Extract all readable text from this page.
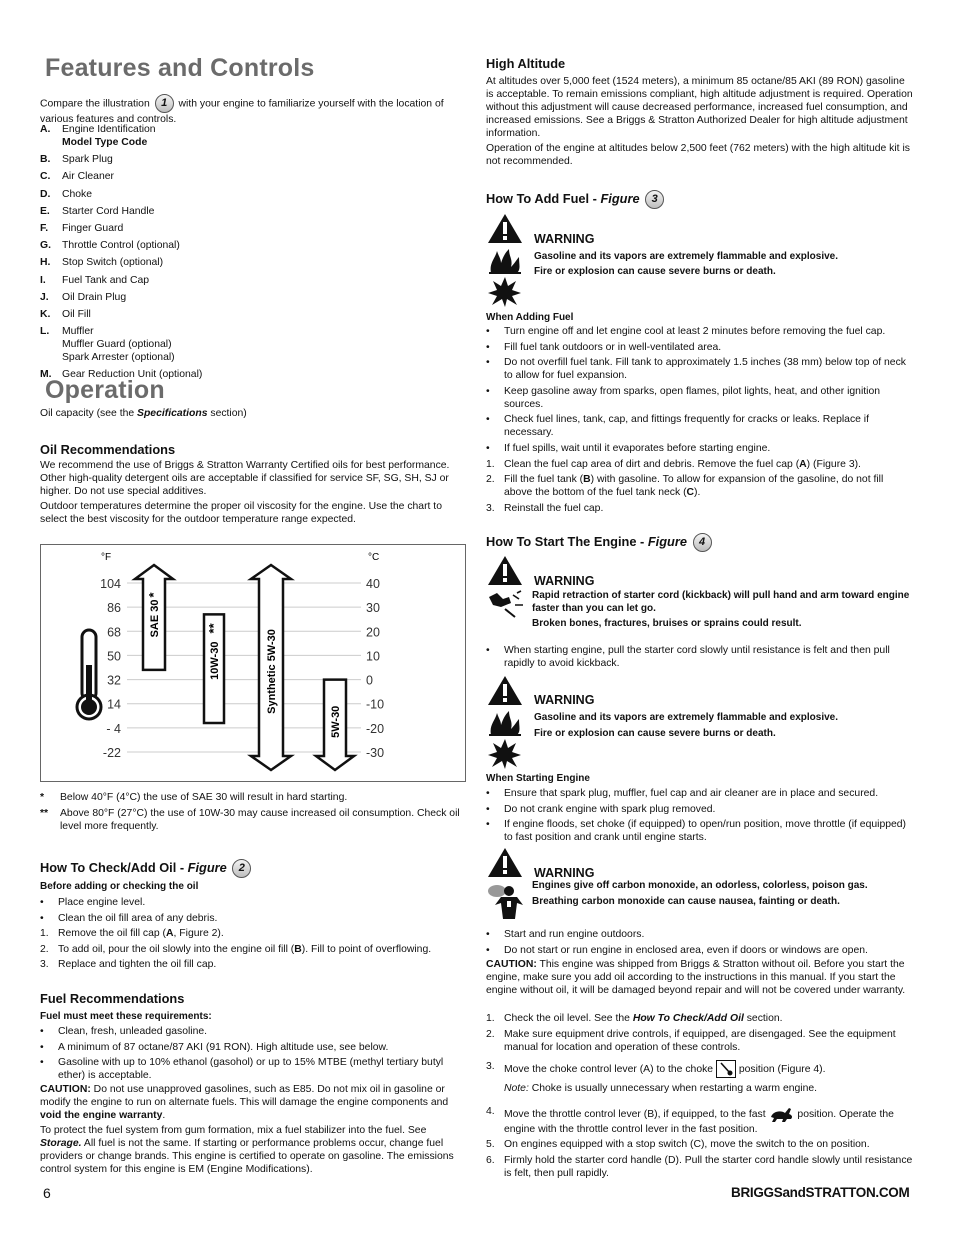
Features and Controls
Compare the illustration 1 with your engine to familiarize yourself with the location of various features and controls.
A. Engine Identification
Model Type Code
B. Spark Plug
C. Air Cleaner
D. Choke
E. Starter Cord Handle
F. Finger Guard
G. Throttle Control (optional)
H. Stop Switch (optional)
I. Fuel Tank and Cap
J. Oil Drain Plug
K. Oil Fill
L. Muffler
Muffler Guard (optional)
Spark Arrester (optional)
M. Gear Reduction Unit (optional)
Operation
Oil capacity (see the Specifications section)
Oil Recommendations
We recommend the use of Briggs & Stratton Warranty Certified oils for best performance. Other high-quality detergent oils are acceptable if classified for service SF, SG, SH, SJ or higher. Do not use special additives.
Outdoor temperatures determine the proper oil viscosity for the engine. Use the chart to select the best viscosity for the outdoor temperature range expected.
°F	°C
104	40
86	30
68	20
50	10
32	0
14	-10
- 4	-20
-22	-30
SAE 30
*
10W-30
**
Synthetic 5W-30
5W-30
*	Below 40°F (4°C) the use of SAE 30 will result in hard starting.
**	Above 80°F (27°C) the use of 10W-30 may cause increased oil consumption. Check oil level more frequently.
How To Check/Add Oil - Figure 2
Before adding or checking the oil
• Place engine level.
• Clean the oil fill area of any debris.
1. Remove the oil fill cap (A, Figure 2).
2. To add oil, pour the oil slowly into the engine oil fill (B). Fill to point of overflowing.
3. Replace and tighten the oil fill cap.
Fuel Recommendations
Fuel must meet these requirements:
• Clean, fresh, unleaded gasoline.
• A minimum of 87 octane/87 AKI (91 RON). High altitude use, see below.
• Gasoline with up to 10% ethanol (gasohol) or up to 15% MTBE (methyl tertiary butyl ether) is acceptable.
CAUTION: Do not use unapproved gasolines, such as E85. Do not mix oil in gasoline or modify the engine to run on alternate fuels. This will damage the engine components and void the engine warranty.
To protect the fuel system from gum formation, mix a fuel stabilizer into the fuel. See Storage. All fuel is not the same. If starting or performance problems occur, change fuel providers or change brands. This engine is certified to operate on gasoline. The emissions control system for this engine is EM (Engine Modifications).
6
High Altitude
At altitudes over 5,000 feet (1524 meters), a minimum 85 octane/85 AKI (89 RON) gasoline is acceptable. To remain emissions compliant, high altitude adjustment is required. Operation without this adjustment will cause decreased performance, increased fuel consumption, and increased emissions. See a Briggs & Stratton Authorized Dealer for high altitude adjustment information.
Operation of the engine at altitudes below 2,500 feet (762 meters) with the high altitude kit is not recommended.
How To Add Fuel - Figure 3
WARNING
Gasoline and its vapors are extremely flammable and explosive.
Fire or explosion can cause severe burns or death.
When Adding Fuel
• Turn engine off and let engine cool at least 2 minutes before removing the fuel cap.
• Fill fuel tank outdoors or in well-ventilated area.
• Do not overfill fuel tank. Fill tank to approximately 1.5 inches (38 mm) below top of neck to allow for fuel expansion.
• Keep gasoline away from sparks, open flames, pilot lights, heat, and other ignition sources.
• Check fuel lines, tank, cap, and fittings frequently for cracks or leaks. Replace if necessary.
• If fuel spills, wait until it evaporates before starting engine.
1. Clean the fuel cap area of dirt and debris. Remove the fuel cap (A) (Figure 3).
2. Fill the fuel tank (B) with gasoline. To allow for expansion of the gasoline, do not fill above the bottom of the fuel tank neck (C).
3. Reinstall the fuel cap.
How To Start The Engine - Figure 4
WARNING
Rapid retraction of starter cord (kickback) will pull hand and arm toward engine faster than you can let go.
Broken bones, fractures, bruises or sprains could result.
• When starting engine, pull the starter cord slowly until resistance is felt and then pull rapidly to avoid kickback.
WARNING
Gasoline and its vapors are extremely flammable and explosive.
Fire or explosion can cause severe burns or death.
When Starting Engine
• Ensure that spark plug, muffler, fuel cap and air cleaner are in place and secured.
• Do not crank engine with spark plug removed.
• If engine floods, set choke (if equipped) to open/run position, move throttle (if equipped) to fast position and crank until engine starts.
WARNING
Engines give off carbon monoxide, an odorless, colorless, poison gas.
Breathing carbon monoxide can cause nausea, fainting or death.
• Start and run engine outdoors.
• Do not start or run engine in enclosed area, even if doors or windows are open.
CAUTION: This engine was shipped from Briggs & Stratton without oil. Before you start the engine, make sure you add oil according to the instructions in this manual. If you start the engine without oil, it will be damaged beyond repair and will not be covered under warranty.
1. Check the oil level. See the How To Check/Add Oil section.
2. Make sure equipment drive controls, if equipped, are disengaged. See the equipment manual for location and operation of these controls.
3. Move the choke control lever (A) to the choke position (Figure 4).
Note: Choke is usually unnecessary when restarting a warm engine.
4. Move the throttle control lever (B), if equipped, to the fast	position. Operate the engine with the throttle control lever in the fast position.
5. On engines equipped with a stop switch (C), move the switch to the on position.
6. Firmly hold the starter cord handle (D). Pull the starter cord handle slowly until resistance is felt, then pull rapidly.
BRIGGSandSTRATTON.COM
